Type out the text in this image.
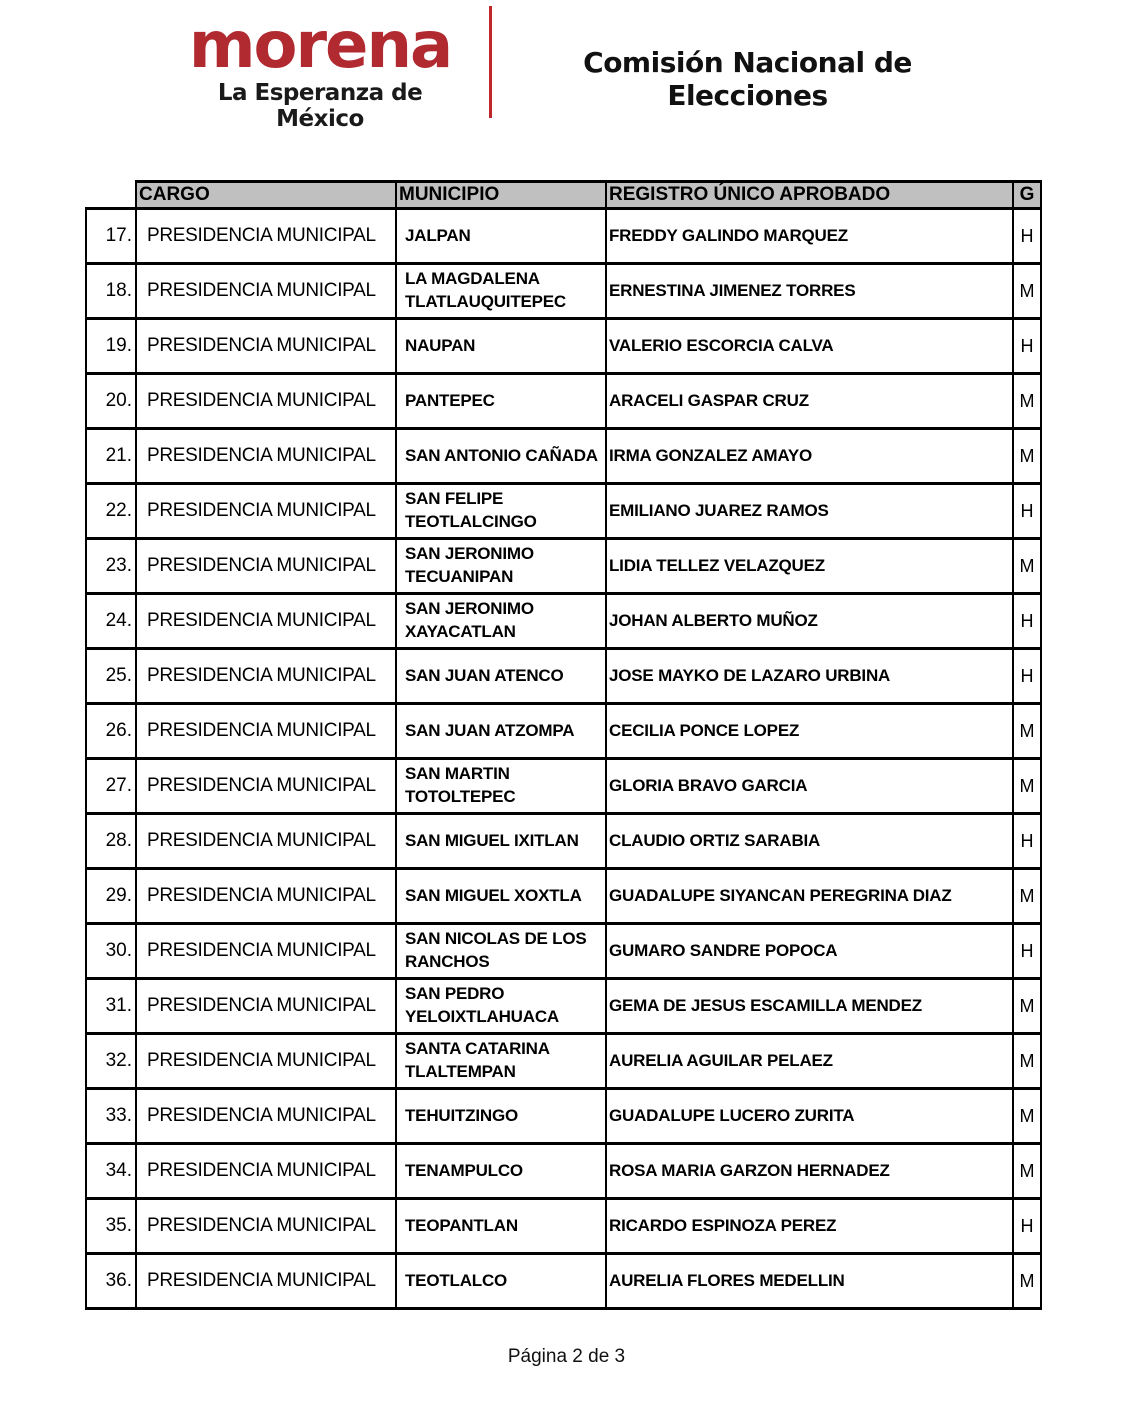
morena
La Esperanza de México
Comisión Nacional de Elecciones
	CARGO	MUNICIPIO	REGISTRO ÚNICO APROBADO	G
17.	PRESIDENCIA MUNICIPAL	JALPAN	FREDDY GALINDO MARQUEZ	H
18.	PRESIDENCIA MUNICIPAL	LA MAGDALENA TLATLAUQUITEPEC	ERNESTINA JIMENEZ TORRES	M
19.	PRESIDENCIA MUNICIPAL	NAUPAN	VALERIO ESCORCIA CALVA	H
20.	PRESIDENCIA MUNICIPAL	PANTEPEC	ARACELI GASPAR CRUZ	M
21.	PRESIDENCIA MUNICIPAL	SAN ANTONIO CAÑADA	IRMA GONZALEZ AMAYO	M
22.	PRESIDENCIA MUNICIPAL	SAN FELIPE TEOTLALCINGO	EMILIANO JUAREZ RAMOS	H
23.	PRESIDENCIA MUNICIPAL	SAN JERONIMO TECUANIPAN	LIDIA TELLEZ VELAZQUEZ	M
24.	PRESIDENCIA MUNICIPAL	SAN JERONIMO XAYACATLAN	JOHAN ALBERTO MUÑOZ	H
25.	PRESIDENCIA MUNICIPAL	SAN JUAN ATENCO	JOSE MAYKO DE LAZARO URBINA	H
26.	PRESIDENCIA MUNICIPAL	SAN JUAN ATZOMPA	CECILIA PONCE LOPEZ	M
27.	PRESIDENCIA MUNICIPAL	SAN MARTIN TOTOLTEPEC	GLORIA BRAVO GARCIA	M
28.	PRESIDENCIA MUNICIPAL	SAN MIGUEL IXITLAN	CLAUDIO ORTIZ SARABIA	H
29.	PRESIDENCIA MUNICIPAL	SAN MIGUEL XOXTLA	GUADALUPE SIYANCAN PEREGRINA DIAZ	M
30.	PRESIDENCIA MUNICIPAL	SAN NICOLAS DE LOS RANCHOS	GUMARO SANDRE POPOCA	H
31.	PRESIDENCIA MUNICIPAL	SAN PEDRO YELOIXTLAHUACA	GEMA DE JESUS ESCAMILLA MENDEZ	M
32.	PRESIDENCIA MUNICIPAL	SANTA CATARINA TLALTEMPAN	AURELIA AGUILAR PELAEZ	M
33.	PRESIDENCIA MUNICIPAL	TEHUITZINGO	GUADALUPE LUCERO ZURITA	M
34.	PRESIDENCIA MUNICIPAL	TENAMPULCO	ROSA MARIA GARZON HERNADEZ	M
35.	PRESIDENCIA MUNICIPAL	TEOPANTLAN	RICARDO ESPINOZA PEREZ	H
36.	PRESIDENCIA MUNICIPAL	TEOTLALCO	AURELIA FLORES MEDELLIN	M
Página 2 de 3
